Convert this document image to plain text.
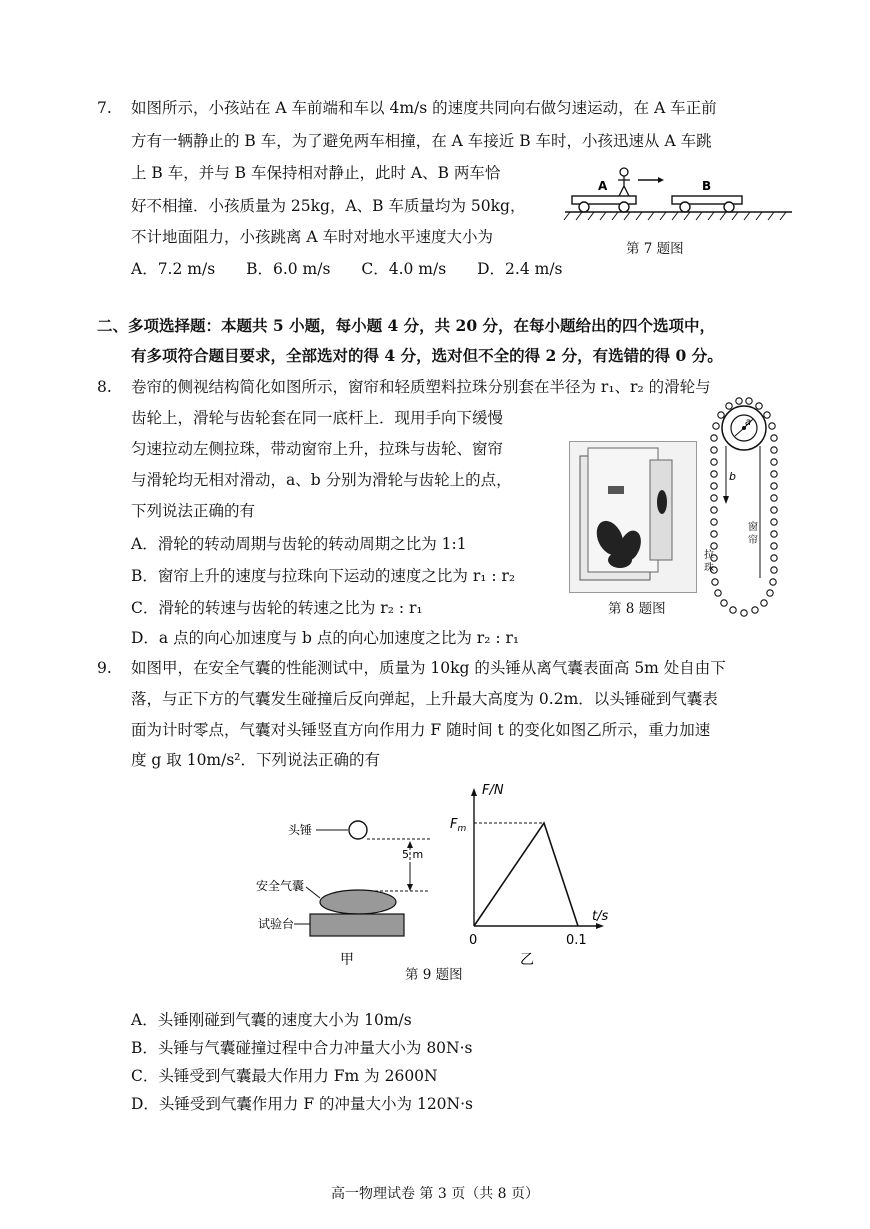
7. 如图所示，小孩站在 A 车前端和车以 4m/s 的速度共同向右做匀速运动，在 A 车正前
方有一辆静止的 B 车，为了避免两车相撞，在 A 车接近 B 车时，小孩迅速从 A 车跳
上 B 车，并与 B 车保持相对静止，此时 A、B 两车恰
好不相撞．小孩质量为 25kg，A、B 车质量均为 50kg，
不计地面阻力，小孩跳离 A 车时对地水平速度大小为
A．7.2 m/s B．6.0 m/s C．4.0 m/s D．2.4 m/s
A	B
第 7 题图
二、多项选择题：本题共 5 小题，每小题 4 分，共 20 分，在每小题给出的四个选项中，
有多项符合题目要求，全部选对的得 4 分，选对但不全的得 2 分，有选错的得 0 分。
8. 卷帘的侧视结构简化如图所示，窗帘和轻质塑料拉珠分别套在半径为 r₁、r₂ 的滑轮与
齿轮上，滑轮与齿轮套在同一底杆上．现用手向下缓慢
匀速拉动左侧拉珠，带动窗帘上升，拉珠与齿轮、窗帘
与滑轮均无相对滑动，a、b 分别为滑轮与齿轮上的点，
下列说法正确的有
A．滑轮的转动周期与齿轮的转动周期之比为 1:1
B．窗帘上升的速度与拉珠向下运动的速度之比为 r₁ : r₂
C．滑轮的转速与齿轮的转速之比为 r₂ : r₁
D．a 点的向心加速度与 b 点的向心加速度之比为 r₂ : r₁
第 8 题图
a
b
拉
珠
窗
帘
9. 如图甲，在安全气囊的性能测试中，质量为 10kg 的头锤从离气囊表面高 5m 处自由下
落，与正下方的气囊发生碰撞后反向弹起，上升最大高度为 0.2m．以头锤碰到气囊表
面为计时零点，气囊对头锤竖直方向作用力 F 随时间 t 的变化如图乙所示，重力加速
度 g 取 10m/s²．下列说法正确的有
头锤
5 m
安全气囊
试验台
甲
F/N
t/s
$F_m$
0	0.1
乙
第 9 题图
A．头锤刚碰到气囊的速度大小为 10m/s
B．头锤与气囊碰撞过程中合力冲量大小为 80N·s
C．头锤受到气囊最大作用力 Fm 为 2600N
D．头锤受到气囊作用力 F 的冲量大小为 120N·s
高一物理试卷 第 3 页（共 8 页）
